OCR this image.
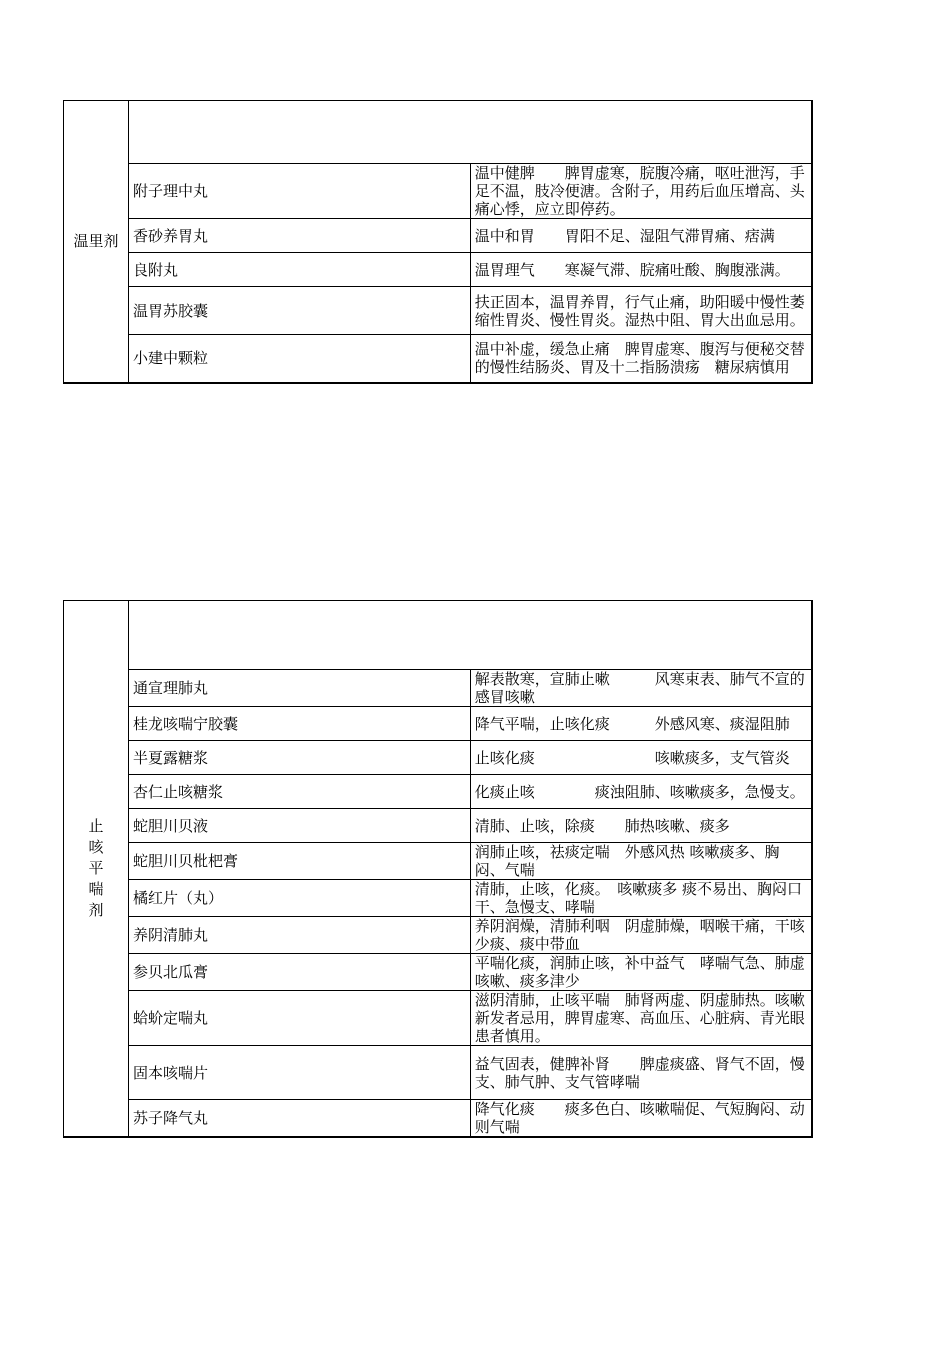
温里剂		
	附子理中丸	温中健脾　　脾胃虚寒，脘腹冷痛，呕吐泄泻，手足不温，肢冷便溏。含附子，用药后血压增高、头痛心悸，应立即停药。
	香砂养胃丸	温中和胃　　胃阳不足、湿阻气滞胃痛、痞满
	良附丸	温胃理气　　寒凝气滞、脘痛吐酸、胸腹涨满。
	温胃苏胶囊	扶正固本，温胃养胃，行气止痛，助阳暖中慢性萎缩性胃炎、慢性胃炎。湿热中阻、胃大出血忌用。
	小建中颗粒	温中补虚，缓急止痛　脾胃虚寒、腹泻与便秘交替的慢性结肠炎、胃及十二指肠溃疡　糖尿病慎用
止咳平喘剂		
	通宣理肺丸	解表散寒，宣肺止嗽　　　风寒束表、肺气不宣的感冒咳嗽
	桂龙咳喘宁胶囊	降气平喘，止咳化痰　　　外感风寒、痰湿阻肺
	半夏露糖浆	止咳化痰　　　　　　　　咳嗽痰多，支气管炎
	杏仁止咳糖浆	化痰止咳　　　　痰浊阻肺、咳嗽痰多，急慢支。
	蛇胆川贝液	清肺、止咳，除痰　　肺热咳嗽、痰多
	蛇胆川贝枇杷膏	润肺止咳，祛痰定喘　外感风热 咳嗽痰多、胸闷、气喘
	橘红片（丸）	清肺，止咳，化痰。　咳嗽痰多 痰不易出、胸闷口干、急慢支、哮喘
	养阴清肺丸	养阴润燥，清肺利咽　阴虚肺燥，咽喉干痛，干咳少痰、痰中带血
	参贝北瓜膏	平喘化痰，润肺止咳，补中益气　哮喘气急、肺虚咳嗽、痰多津少
	蛤蚧定喘丸	滋阴清肺，止咳平喘　肺肾两虚、阴虚肺热。咳嗽新发者忌用，脾胃虚寒、高血压、心脏病、青光眼患者慎用。
	固本咳喘片	益气固表，健脾补肾　　脾虚痰盛、肾气不固，慢支、肺气肿、支气管哮喘
	苏子降气丸	降气化痰　　痰多色白、咳嗽喘促、气短胸闷、动则气喘
